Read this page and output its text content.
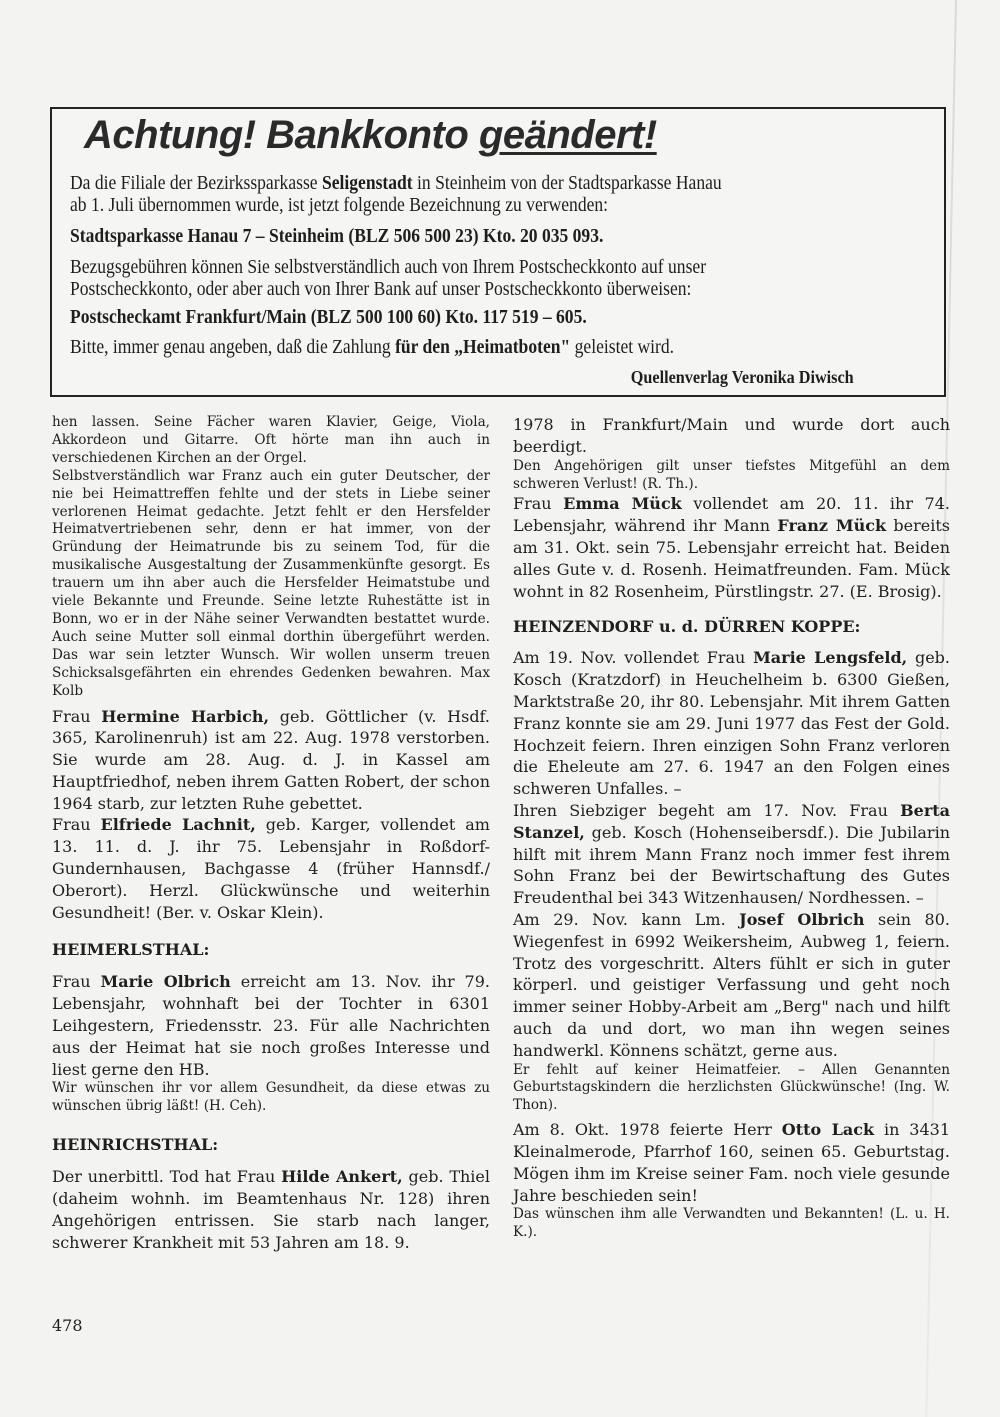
Achtung! Bankkonto geändert!
Da die Filiale der Bezirkssparkasse Seligenstadt in Steinheim von der Stadtsparkasse Hanau
ab 1. Juli übernommen wurde, ist jetzt folgende Bezeichnung zu verwenden:
Stadtsparkasse Hanau 7 – Steinheim (BLZ 506 500 23) Kto. 20 035 093.
Bezugsgebühren können Sie selbstverständlich auch von Ihrem Postscheckkonto auf unser
Postscheckkonto, oder aber auch von Ihrer Bank auf unser Postscheckkonto überweisen:
Postscheckamt Frankfurt/Main (BLZ 500 100 60) Kto. 117 519 – 605.
Bitte, immer genau angeben, daß die Zahlung für den „Heimatboten" geleistet wird.
Quellenverlag Veronika Diwisch

hen lassen. Seine Fächer waren Klavier, Geige, Viola, Akkordeon und Gitarre. Oft hörte man ihn auch in verschiedenen Kirchen an der Orgel.

Selbstverständlich war Franz auch ein guter Deutscher, der nie bei Heimattreffen fehlte und der stets in Liebe seiner verlorenen Heimat gedachte. Jetzt fehlt er den Hersfelder Heimatvertriebenen sehr, denn er hat immer, von der Gründung der Heimatrunde bis zu seinem Tod, für die musikalische Ausgestaltung der Zusammenkünfte gesorgt. Es trauern um ihn aber auch die Hersfelder Heimatstube und viele Bekannte und Freunde. Seine letzte Ruhestätte ist in Bonn, wo er in der Nähe seiner Verwandten bestattet wurde. Auch seine Mutter soll einmal dorthin übergeführt werden. Das war sein letzter Wunsch. Wir wollen unserm treuen Schicksalsgefährten ein ehrendes Gedenken bewahren. Max Kolb

Frau Hermine Harbich, geb. Göttlicher (v. Hsdf. 365, Karolinenruh) ist am 22. Aug. 1978 verstorben. Sie wurde am 28. Aug. d. J. in Kassel am Hauptfriedhof, neben ihrem Gatten Robert, der schon 1964 starb, zur letzten Ruhe gebettet.

Frau Elfriede Lachnit, geb. Karger, vollendet am 13. 11. d. J. ihr 75. Lebensjahr in Roßdorf-Gundernhausen, Bachgasse 4 (früher Hannsdf./ Oberort). Herzl. Glückwünsche und weiterhin Gesundheit! (Ber. v. Oskar Klein).

HEIMERLSTHAL:

Frau Marie Olbrich erreicht am 13. Nov. ihr 79. Lebensjahr, wohnhaft bei der Tochter in 6301 Leihgestern, Friedensstr. 23. Für alle Nachrichten aus der Heimat hat sie noch großes Interesse und liest gerne den HB.

Wir wünschen ihr vor allem Gesundheit, da diese etwas zu wünschen übrig läßt! (H. Ceh).

HEINRICHSTHAL:

Der unerbittl. Tod hat Frau Hilde Ankert, geb. Thiel (daheim wohnh. im Beamtenhaus Nr. 128) ihren Angehörigen entrissen. Sie starb nach langer, schwerer Krankheit mit 53 Jahren am 18. 9.

1978 in Frankfurt/Main und wurde dort auch beerdigt.

Den Angehörigen gilt unser tiefstes Mitgefühl an dem schweren Verlust! (R. Th.).

Frau Emma Mück vollendet am 20. 11. ihr 74. Lebensjahr, während ihr Mann Franz Mück bereits am 31. Okt. sein 75. Lebensjahr erreicht hat. Beiden alles Gute v. d. Rosenh. Heimatfreunden. Fam. Mück wohnt in 82 Rosenheim, Pürstlingstr. 27. (E. Brosig).

HEINZENDORF u. d. DÜRREN KOPPE:

Am 19. Nov. vollendet Frau Marie Lengsfeld, geb. Kosch (Kratzdorf) in Heuchelheim b. 6300 Gießen, Marktstraße 20, ihr 80. Lebensjahr. Mit ihrem Gatten Franz konnte sie am 29. Juni 1977 das Fest der Gold. Hochzeit feiern. Ihren einzigen Sohn Franz verloren die Eheleute am 27. 6. 1947 an den Folgen eines schweren Unfalles. –

Ihren Siebziger begeht am 17. Nov. Frau Berta Stanzel, geb. Kosch (Hohenseibersdf.). Die Jubilarin hilft mit ihrem Mann Franz noch immer fest ihrem Sohn Franz bei der Bewirtschaftung des Gutes Freudenthal bei 343 Witzenhausen/ Nordhessen. –

Am 29. Nov. kann Lm. Josef Olbrich sein 80. Wiegenfest in 6992 Weikersheim, Aubweg 1, feiern. Trotz des vorgeschritt. Alters fühlt er sich in guter körperl. und geistiger Verfassung und geht noch immer seiner Hobby-Arbeit am „Berg" nach und hilft auch da und dort, wo man ihn wegen seines handwerkl. Könnens schätzt, gerne aus.

Er fehlt auf keiner Heimatfeier. – Allen Genannten Geburtstagskindern die herzlichsten Glückwünsche! (Ing. W. Thon).

Am 8. Okt. 1978 feierte Herr Otto Lack in 3431 Kleinalmerode, Pfarrhof 160, seinen 65. Geburtstag. Mögen ihm im Kreise seiner Fam. noch viele gesunde Jahre beschieden sein!

Das wünschen ihm alle Verwandten und Bekannten! (L. u. H. K.).

478
